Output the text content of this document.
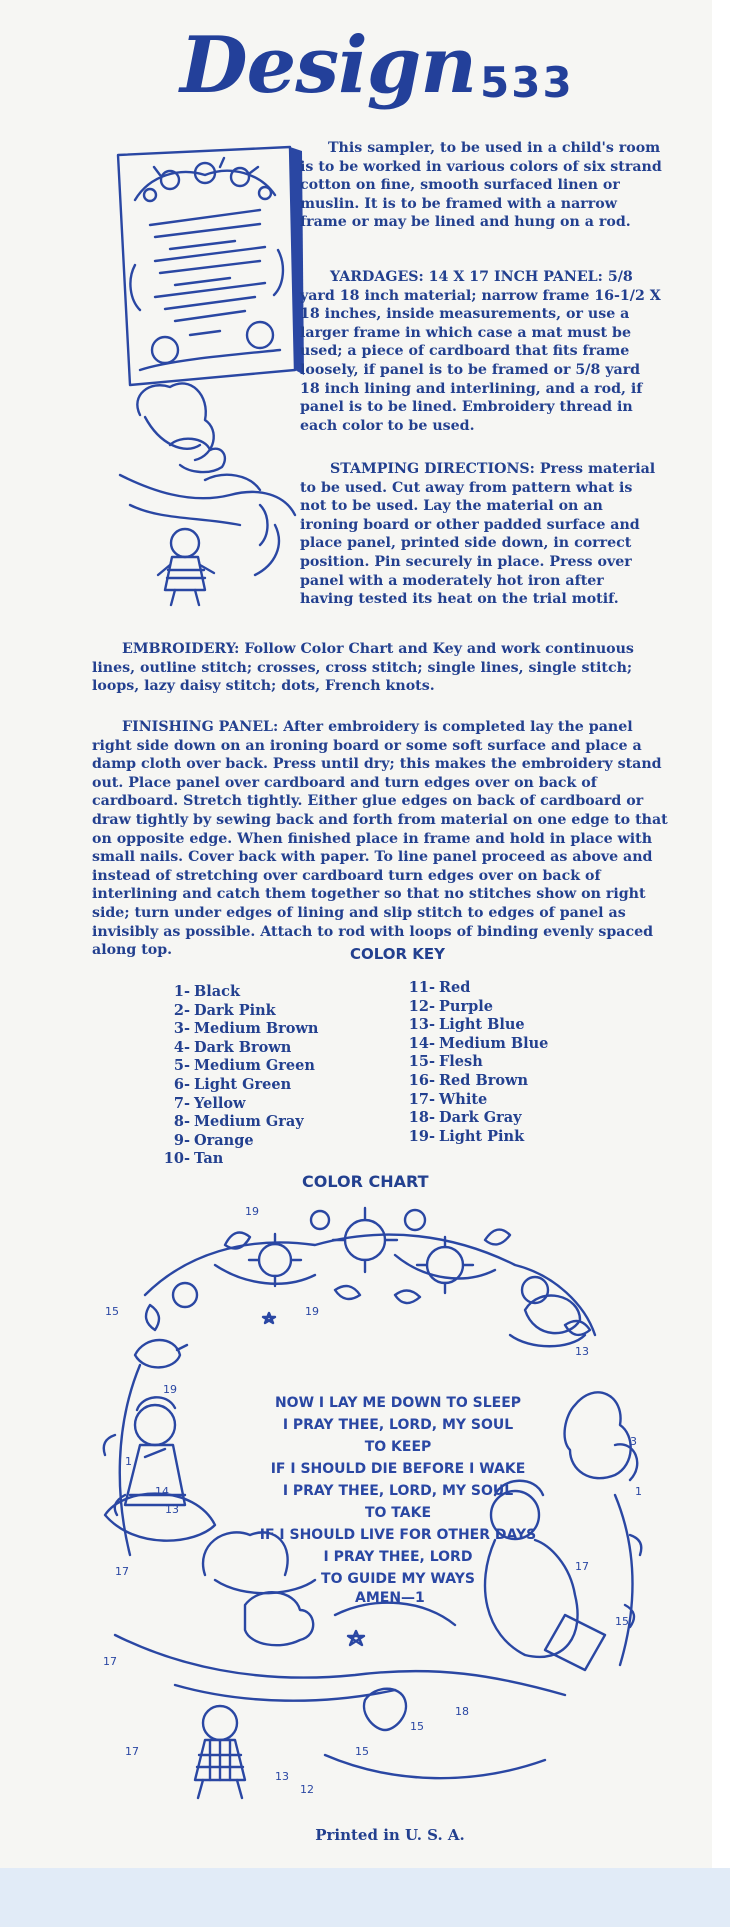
Design 533

This sampler, to be used in a child's room is to be worked in various colors of six strand cotton on fine, smooth surfaced linen or muslin. It is to be framed with a narrow frame or may be lined and hung on a rod.

YARDAGES: 14 X 17 INCH PANEL: 5/8 yard 18 inch material; narrow frame 16-1/2 X 18 inches, inside measurements, or use a larger frame in which case a mat must be used; a piece of cardboard that fits frame loosely, if panel is to be framed or 5/8 yard 18 inch lining and interlining, and a rod, if panel is to be lined. Embroidery thread in each color to be used.

STAMPING DIRECTIONS: Press material to be used. Cut away from pattern what is not to be used. Lay the material on an ironing board or other padded surface and place panel, printed side down, in correct position. Pin securely in place. Press over panel with a moderately hot iron after having tested its heat on the trial motif.

EMBROIDERY: Follow Color Chart and Key and work continuous lines, outline stitch; crosses, cross stitch; single lines, single stitch; loops, lazy daisy stitch; dots, French knots.

FINISHING PANEL: After embroidery is completed lay the panel right side down on an ironing board or some soft surface and place a damp cloth over back. Press until dry; this makes the embroidery stand out. Place panel over cardboard and turn edges over on back of cardboard. Stretch tightly. Either glue edges on back of cardboard or draw tightly by sewing back and forth from material on one edge to that on opposite edge. When finished place in frame and hold in place with small nails. Cover back with paper. To line panel proceed as above and instead of stretching over cardboard turn edges over on back of interlining and catch them together so that no stitches show on right side; turn under edges of lining and slip stitch to edges of panel as invisibly as possible. Attach to rod with loops of binding evenly spaced along top.	COLOR KEY
1- Black
2- Dark Pink
3- Medium Brown
4- Dark Brown
5- Medium Green
6- Light Green
7- Yellow
8- Medium Gray
9- Orange
10- Tan
11- Red
12- Purple
13- Light Blue
14- Medium Blue
15- Flesh
16- Red Brown
17- White
18- Dark Gray
19- Light Pink
COLOR CHART
19
15
19
1
14
13
17
3
1
13
19
17
15
17
17
13
12
15
15
18
NOW I LAY ME DOWN TO SLEEP
I PRAY THEE, LORD, MY SOUL
TO KEEP
IF I SHOULD DIE BEFORE I WAKE
I PRAY THEE, LORD, MY SOUL
TO TAKE
IF I SHOULD LIVE FOR OTHER DAYS
I PRAY THEE, LORD
TO GUIDE MY WAYS
AMEN—1
Printed in U. S. A.
